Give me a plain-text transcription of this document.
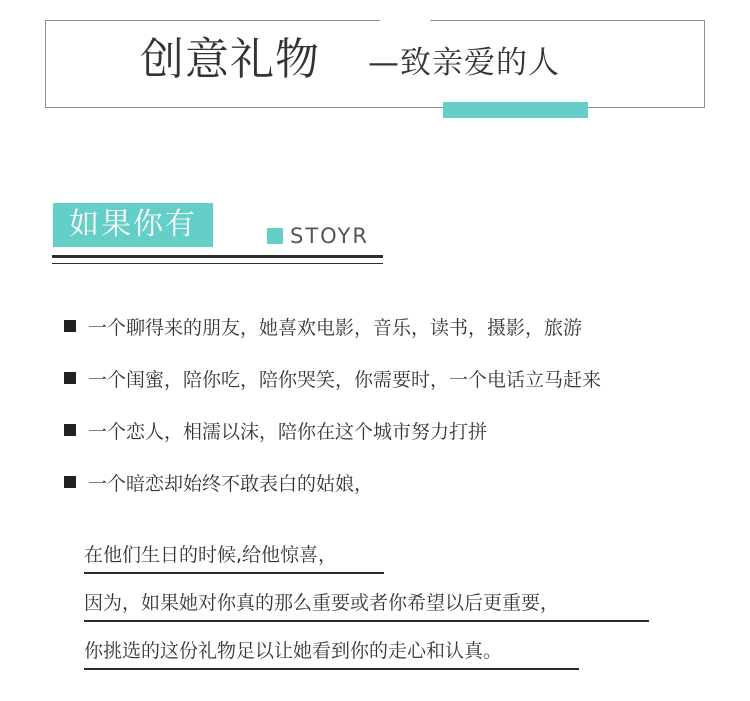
创意礼物 —致亲爱的人
如果你有	STOYR
一个聊得来的朋友，她喜欢电影，音乐，读书，摄影，旅游
一个闺蜜，陪你吃，陪你哭笑，你需要时，一个电话立马赶来
一个恋人，相濡以沫，陪你在这个城市努力打拼
一个暗恋却始终不敢表白的姑娘，
在他们生日的时候,给他惊喜，
因为，如果她对你真的那么重要或者你希望以后更重要，
你挑选的这份礼物足以让她看到你的走心和认真。
